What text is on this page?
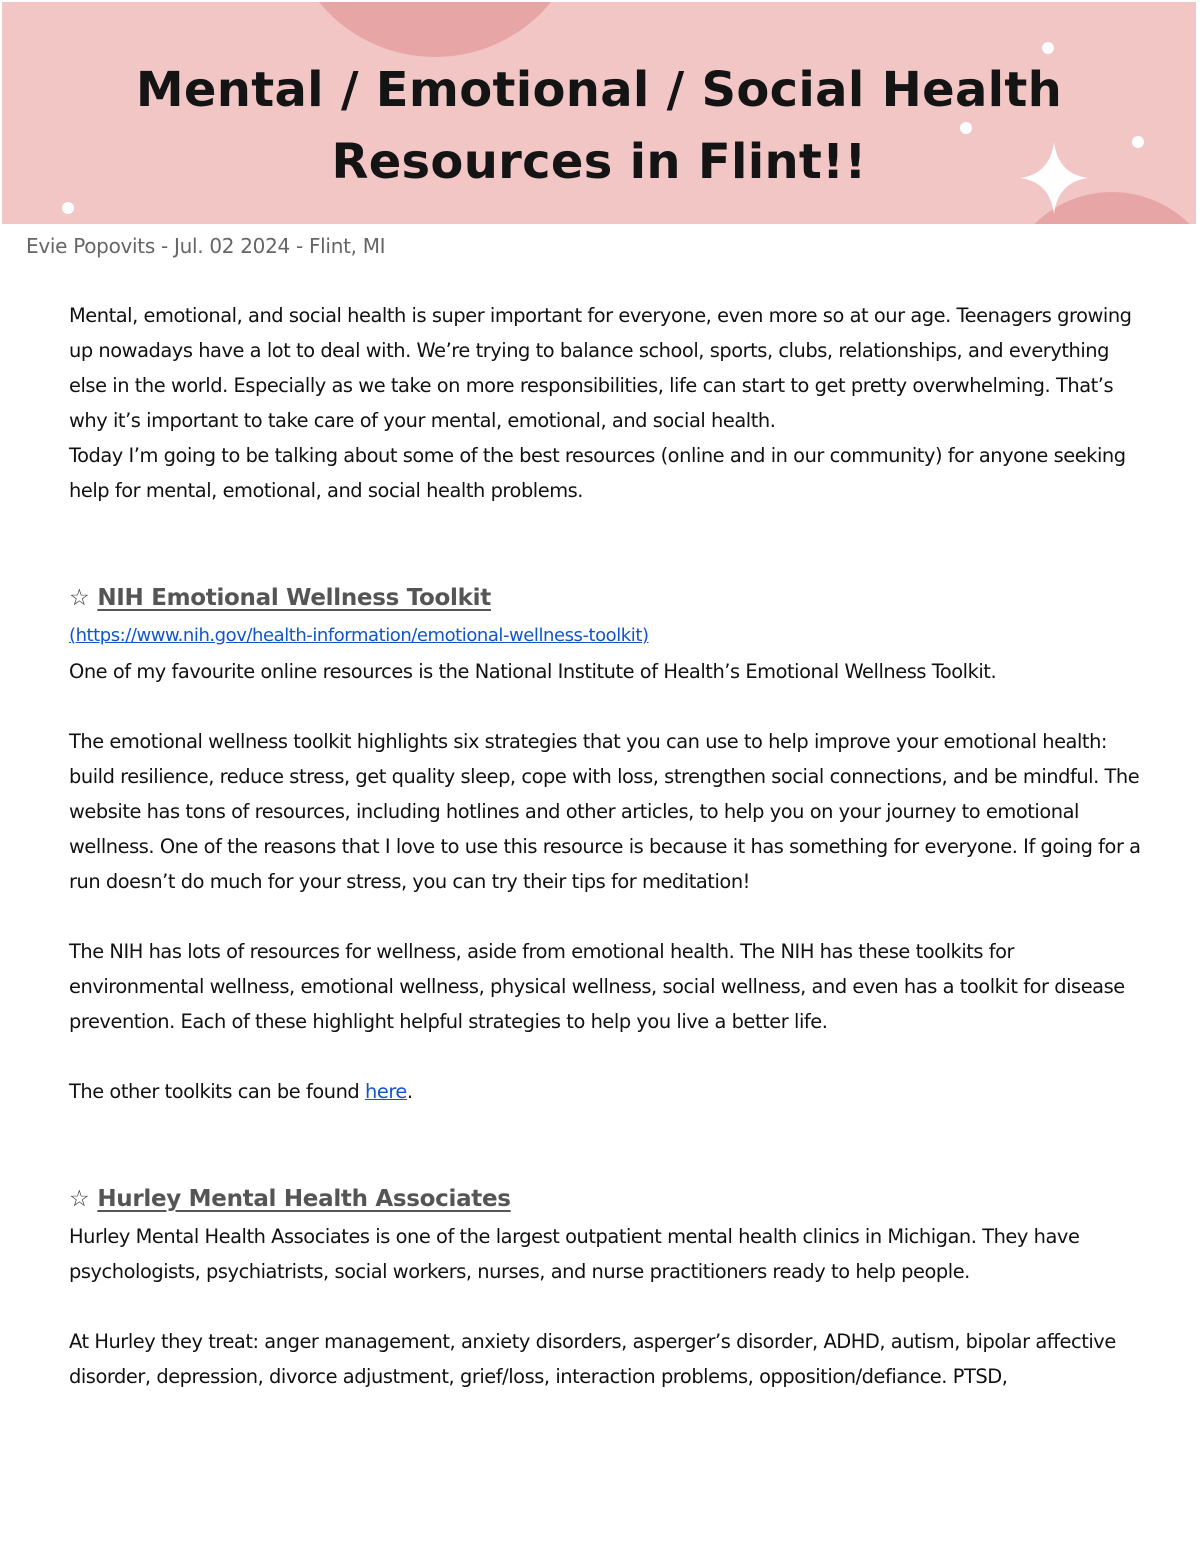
Mental / Emotional / Social Health
Resources in Flint!!
Evie Popovits - Jul. 02 2024 - Flint, MI

Mental, emotional, and social health is super important for everyone, even more so at our age. Teenagers growing up nowadays have a lot to deal with. We’re trying to balance school, sports, clubs, relationships, and everything else in the world. Especially as we take on more responsibilities, life can start to get pretty overwhelming. That’s why it’s important to take care of your mental, emotional, and social health.

Today I’m going to be talking about some of the best resources (online and in our community) for anyone seeking help for mental, emotional, and social health problems.

☆ NIH Emotional Wellness Toolkit
(https://www.nih.gov/health-information/emotional-wellness-toolkit)

One of my favourite online resources is the National Institute of Health’s Emotional Wellness Toolkit.

The emotional wellness toolkit highlights six strategies that you can use to help improve your emotional health: build resilience, reduce stress, get quality sleep, cope with loss, strengthen social connections, and be mindful. The website has tons of resources, including hotlines and other articles, to help you on your journey to emotional wellness. One of the reasons that I love to use this resource is because it has something for everyone. If going for a run doesn’t do much for your stress, you can try their tips for meditation!

The NIH has lots of resources for wellness, aside from emotional health. The NIH has these toolkits for environmental wellness, emotional wellness, physical wellness, social wellness, and even has a toolkit for disease prevention. Each of these highlight helpful strategies to help you live a better life.

The other toolkits can be found here.

☆ Hurley Mental Health Associates

Hurley Mental Health Associates is one of the largest outpatient mental health clinics in Michigan. They have psychologists, psychiatrists, social workers, nurses, and nurse practitioners ready to help people.

At Hurley they treat: anger management, anxiety disorders, asperger’s disorder, ADHD, autism, bipolar affective disorder, depression, divorce adjustment, grief/loss, interaction problems, opposition/defiance. PTSD,
